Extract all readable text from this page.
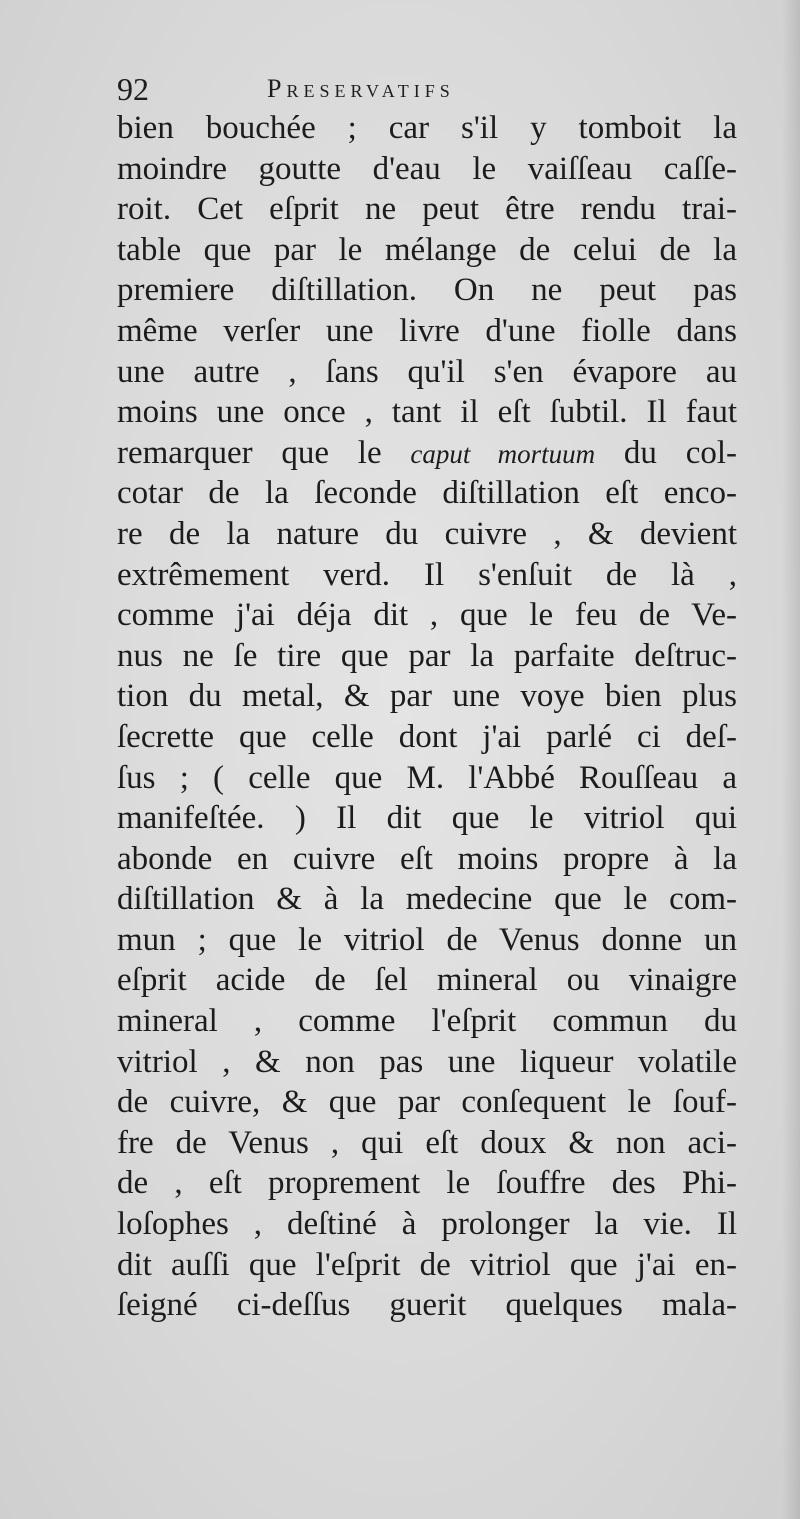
92	Preservatifs
bien bouchée ; car s'il y tomboit la
moindre goutte d'eau le vaiſſeau caſſe-
roit. Cet eſprit ne peut être rendu trai-
table que par le mélange de celui de la
premiere diſtillation. On ne peut pas
même verſer une livre d'une fiolle dans
une autre , ſans qu'il s'en évapore au
moins une once , tant il eſt ſubtil. Il faut
remarquer que le caput mortuum du col-
cotar de la ſeconde diſtillation eſt enco-
re de la nature du cuivre , & devient
extrêmement verd. Il s'enſuit de là ,
comme j'ai déja dit , que le feu de Ve-
nus ne ſe tire que par la parfaite deſtruc-
tion du metal, & par une voye bien plus
ſecrette que celle dont j'ai parlé ci deſ-
ſus ; ( celle que M. l'Abbé Rouſſeau a
manifeſtée. ) Il dit que le vitriol qui
abonde en cuivre eſt moins propre à la
diſtillation & à la medecine que le com-
mun ; que le vitriol de Venus donne un
eſprit acide de ſel mineral ou vinaigre
mineral , comme l'eſprit commun du
vitriol , & non pas une liqueur volatile
de cuivre, & que par conſequent le ſouf-
fre de Venus , qui eſt doux & non aci-
de , eſt proprement le ſouffre des Phi-
loſophes , deſtiné à prolonger la vie. Il
dit auſſi que l'eſprit de vitriol que j'ai en-
ſeigné ci-deſſus guerit quelques mala-
